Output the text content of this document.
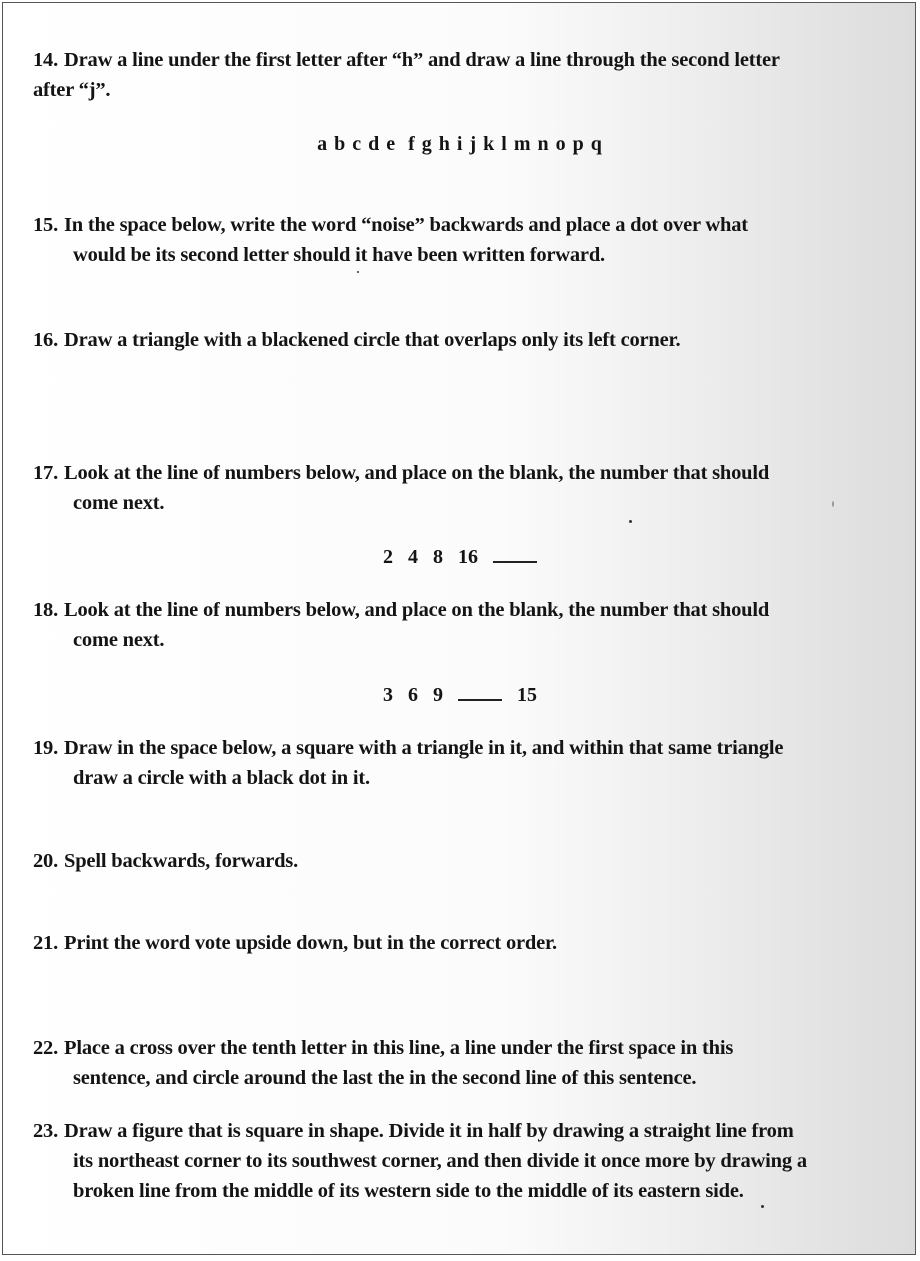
14. Draw a line under the first letter after “h” and draw a line through the second letter
after “j”.
a b c d e  f g h i j k l m n o p q
15. In the space below, write the word “noise” backwards and place a dot over what
would be its second letter should it have been written forward.
16. Draw a triangle with a blackened circle that overlaps only its left corner.
17. Look at the line of numbers below, and place on the blank, the number that should
come next.
2   4   8   16
18. Look at the line of numbers below, and place on the blank, the number that should
come next.
3   6   9	15
19. Draw in the space below, a square with a triangle in it, and within that same triangle
draw a circle with a black dot in it.
20. Spell backwards, forwards.
21. Print the word vote upside down, but in the correct order.
22. Place a cross over the tenth letter in this line, a line under the first space in this
sentence, and circle around the last the in the second line of this sentence.
23. Draw a figure that is square in shape. Divide it in half by drawing a straight line from
its northeast corner to its southwest corner, and then divide it once more by drawing a
broken line from the middle of its western side to the middle of its eastern side.
